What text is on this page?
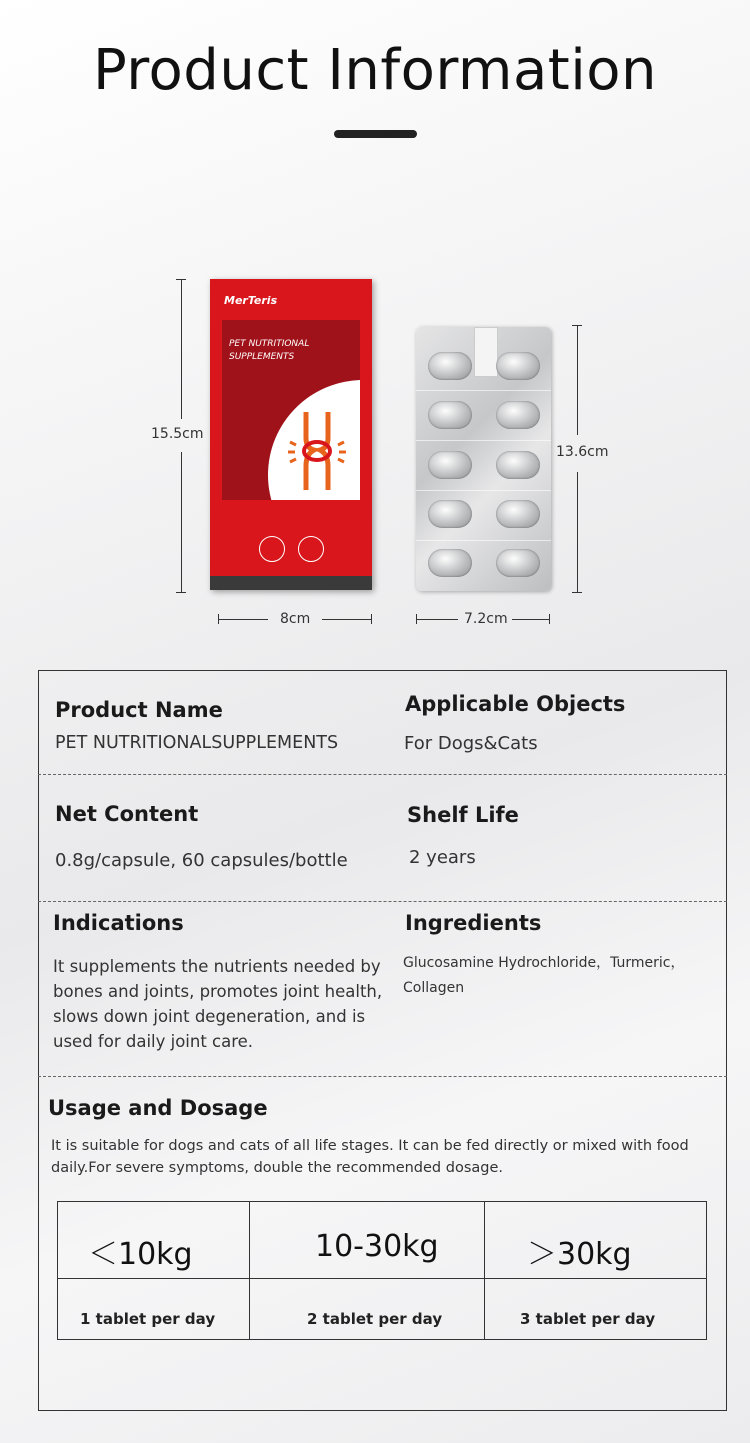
Product Information
15.5cm
MerTeris
PET NUTRITIONAL SUPPLEMENTS
8cm
13.6cm
7.2cm
Product Name
PET NUTRITIONALSUPPLEMENTS
Applicable Objects
For Dogs&Cats
Net Content
0.8g/capsule, 60 capsules/bottle
Shelf Life
2 years
Indications
It supplements the nutrients needed by bones and joints, promotes joint health, slows down joint degeneration, and is used for daily joint care.
Ingredients
Glucosamine Hydrochloride，Turmeric，Collagen
Usage and Dosage
It is suitable for dogs and cats of all life stages. It can be fed directly or mixed with food daily.For severe symptoms, double the recommended dosage.
＜10kg	10-30kg	＞30kg
1 tablet per day	2 tablet per day	3 tablet per day
